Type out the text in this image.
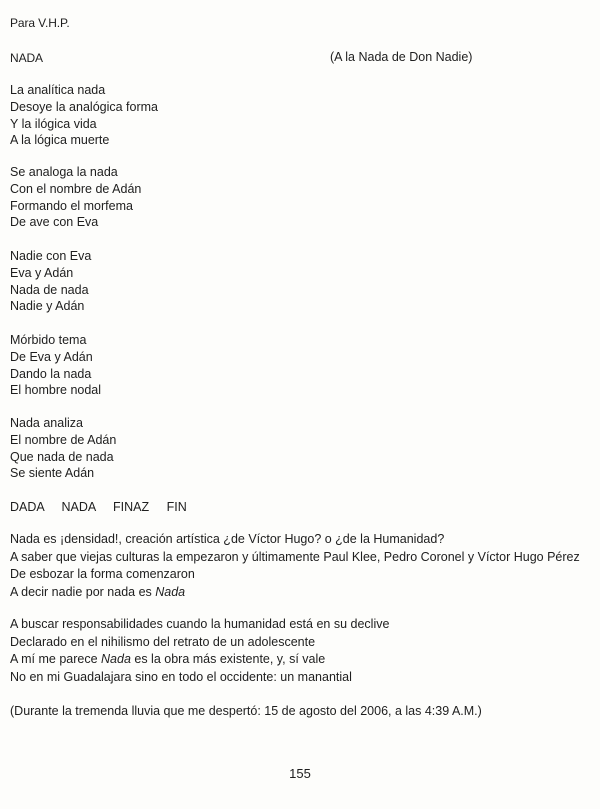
Para V.H.P.
NADA	(A la Nada de Don Nadie)
La analítica nada
Desoye la analógica forma
Y la ilógica vida
A la lógica muerte
Se analoga la nada
Con el nombre de Adán
Formando el morfema
De ave con Eva
Nadie con Eva
Eva y Adán
Nada de nada
Nadie y Adán
Mórbido tema
De Eva y Adán
Dando la nada
El hombre nodal
Nada analiza
El nombre de Adán
Que nada de nada
Se siente Adán
DADA NADA FINAZ FIN
Nada es ¡densidad!, creación artística ¿de Víctor Hugo? o ¿de la Humanidad?
A saber que viejas culturas la empezaron y últimamente Paul Klee, Pedro Coronel y Víctor Hugo Pérez
De esbozar la forma comenzaron
A decir nadie por nada es Nada
A buscar responsabilidades cuando la humanidad está en su declive
Declarado en el nihilismo del retrato de un adolescente
A mí me parece Nada es la obra más existente, y, sí vale
No en mi Guadalajara sino en todo el occidente: un manantial
(Durante la tremenda lluvia que me despertó: 15 de agosto del 2006, a las 4:39 A.M.)
155
